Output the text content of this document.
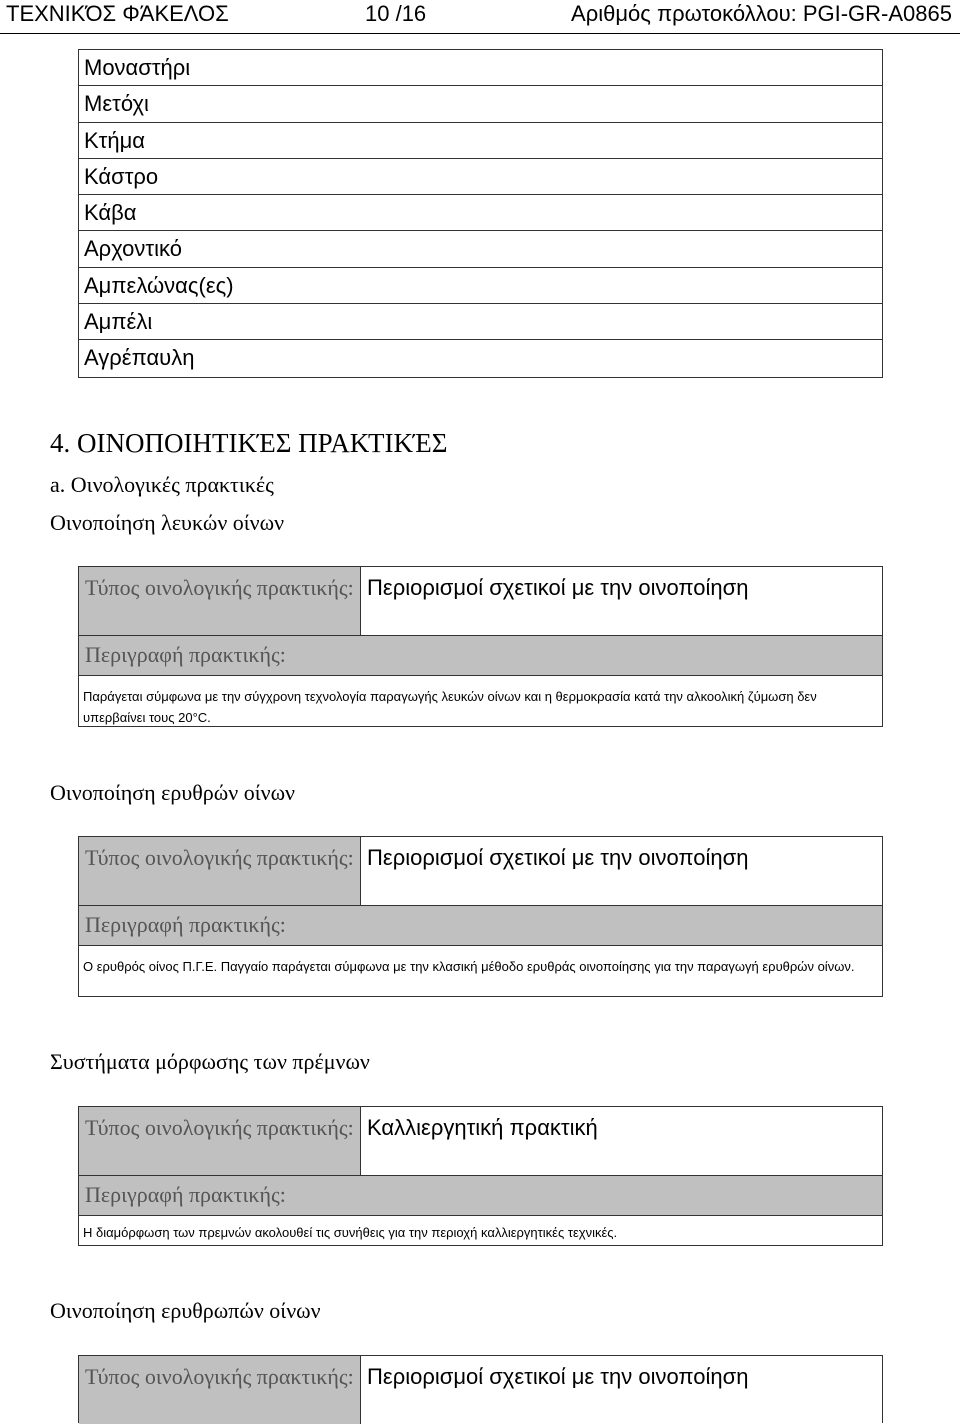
ΤΕΧΝΙΚΌΣ ΦΆΚΕΛΟΣ	10 /16	Αριθμός πρωτοκόλλου: PGI-GR-A0865
Μοναστήρι
Μετόχι
Κτήμα
Κάστρο
Κάβα
Αρχοντικό
Αμπελώνας(ες)
Αμπέλι
Αγρέπαυλη
4. ΟΙΝΟΠΟΙΗΤΙΚΈΣ ΠΡΑΚΤΙΚΈΣ
a. Οινολογικές πρακτικές
Οινοποίηση λευκών οίνων
Τύπος οινολογικής πρακτικής: Περιορισμοί σχετικοί με την οινοποίηση
Περιγραφή πρακτικής:
Παράγεται σύμφωνα με την σύγχρονη τεχνολογία παραγωγής λευκών οίνων και η θερμοκρασία κατά την αλκοολική ζύμωση δεν υπερβαίνει τους 20°C.
Οινοποίηση ερυθρών οίνων
Τύπος οινολογικής πρακτικής: Περιορισμοί σχετικοί με την οινοποίηση
Περιγραφή πρακτικής:
Ο ερυθρός οίνος Π.Γ.Ε. Παγγαίο παράγεται σύμφωνα με την κλασική μέθοδο ερυθράς οινοποίησης για την παραγωγή ερυθρών οίνων.
Συστήματα μόρφωσης των πρέμνων
Τύπος οινολογικής πρακτικής: Καλλιεργητική πρακτική
Περιγραφή πρακτικής:
Η διαμόρφωση των πρεμνών ακολουθεί τις συνήθεις για την περιοχή καλλιεργητικές τεχνικές.
Οινοποίηση ερυθρωπών οίνων
Τύπος οινολογικής πρακτικής: Περιορισμοί σχετικοί με την οινοποίηση
